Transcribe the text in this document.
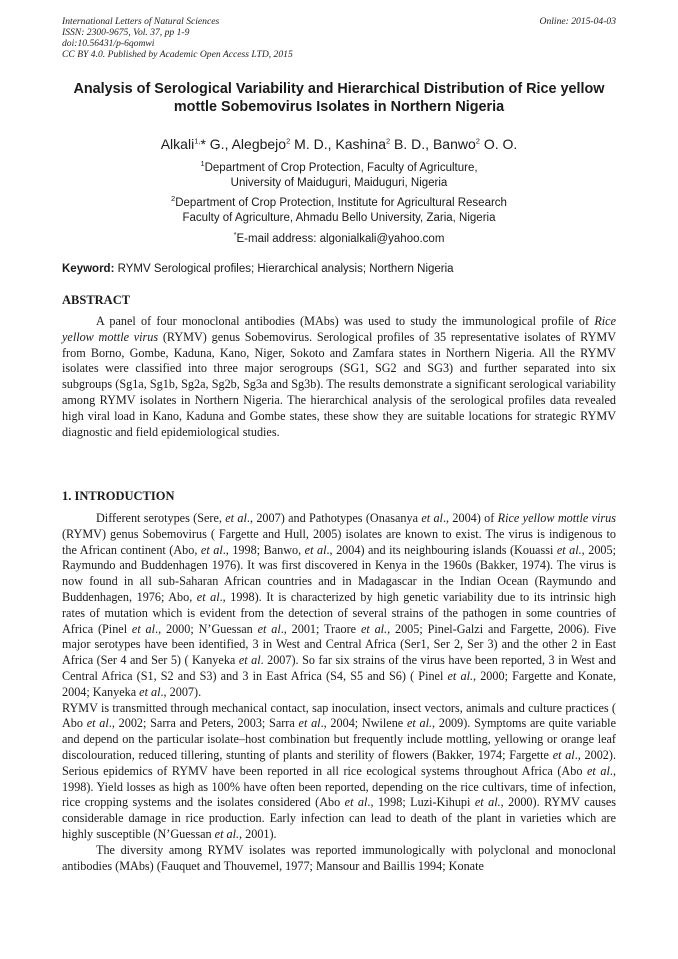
International Letters of Natural Sciences
ISSN: 2300-9675, Vol. 37, pp 1-9
doi:10.56431/p-6qomwi
CC BY 4.0. Published by Academic Open Access LTD, 2015
Online: 2015-04-03
Analysis of Serological Variability and Hierarchical Distribution of Rice yellow mottle Sobemovirus Isolates in Northern Nigeria
Alkali$^{1,}$* G., Alegbejo$^2$ M. D., Kashina$^2$ B. D., Banwo$^2$ O. O.
$^1$Department of Crop Protection, Faculty of Agriculture,
University of Maiduguri, Maiduguri, Nigeria
$^2$Department of Crop Protection, Institute for Agricultural Research
Faculty of Agriculture, Ahmadu Bello University, Zaria, Nigeria
*E-mail address: algonialkali@yahoo.com
Keyword: RYMV Serological profiles; Hierarchical analysis; Northern Nigeria
ABSTRACT

A panel of four monoclonal antibodies (MAbs) was used to study the immunological profile of Rice yellow mottle virus (RYMV) genus Sobemovirus. Serological profiles of 35 representative isolates of RYMV from Borno, Gombe, Kaduna, Kano, Niger, Sokoto and Zamfara states in Northern Nigeria. All the RYMV isolates were classified into three major serogroups (SG1, SG2 and SG3) and further separated into six subgroups (Sg1a, Sg1b, Sg2a, Sg2b, Sg3a and Sg3b). The results demonstrate a significant serological variability among RYMV isolates in Northern Nigeria. The hierarchical analysis of the serological profiles data revealed high viral load in Kano, Kaduna and Gombe states, these show they are suitable locations for strategic RYMV diagnostic and field epidemiological studies.

1. INTRODUCTION

Different serotypes (Sere, et al., 2007) and Pathotypes (Onasanya et al., 2004) of Rice yellow mottle virus (RYMV) genus Sobemovirus ( Fargette and Hull, 2005) isolates are known to exist. The virus is indigenous to the African continent (Abo, et al., 1998; Banwo, et al., 2004) and its neighbouring islands (Kouassi et al., 2005; Raymundo and Buddenhagen 1976). It was first discovered in Kenya in the 1960s (Bakker, 1974). The virus is now found in all sub-Saharan African countries and in Madagascar in the Indian Ocean (Raymundo and Buddenhagen, 1976; Abo, et al., 1998). It is characterized by high genetic variability due to its intrinsic high rates of mutation which is evident from the detection of several strains of the pathogen in some countries of Africa (Pinel et al., 2000; N’Guessan et al., 2001; Traore et al., 2005; Pinel-Galzi and Fargette, 2006). Five major serotypes have been identified, 3 in West and Central Africa (Ser1, Ser 2, Ser 3) and the other 2 in East Africa (Ser 4 and Ser 5) ( Kanyeka et al. 2007). So far six strains of the virus have been reported, 3 in West and Central Africa (S1, S2 and S3) and 3 in East Africa (S4, S5 and S6) ( Pinel et al., 2000; Fargette and Konate, 2004; Kanyeka et al., 2007).

RYMV is transmitted through mechanical contact, sap inoculation, insect vectors, animals and culture practices ( Abo et al., 2002; Sarra and Peters, 2003; Sarra et al., 2004; Nwilene et al., 2009). Symptoms are quite variable and depend on the particular isolate–host combination but frequently include mottling, yellowing or orange leaf discolouration, reduced tillering, stunting of plants and sterility of flowers (Bakker, 1974; Fargette et al., 2002). Serious epidemics of RYMV have been reported in all rice ecological systems throughout Africa (Abo et al., 1998). Yield losses as high as 100% have often been reported, depending on the rice cultivars, time of infection, rice cropping systems and the isolates considered (Abo et al., 1998; Luzi-Kihupi et al., 2000). RYMV causes considerable damage in rice production. Early infection can lead to death of the plant in varieties which are highly susceptible (N’Guessan et al., 2001).

The diversity among RYMV isolates was reported immunologically with polyclonal and monoclonal antibodies (MAbs) (Fauquet and Thouvemel, 1977; Mansour and Baillis 1994; Konate
